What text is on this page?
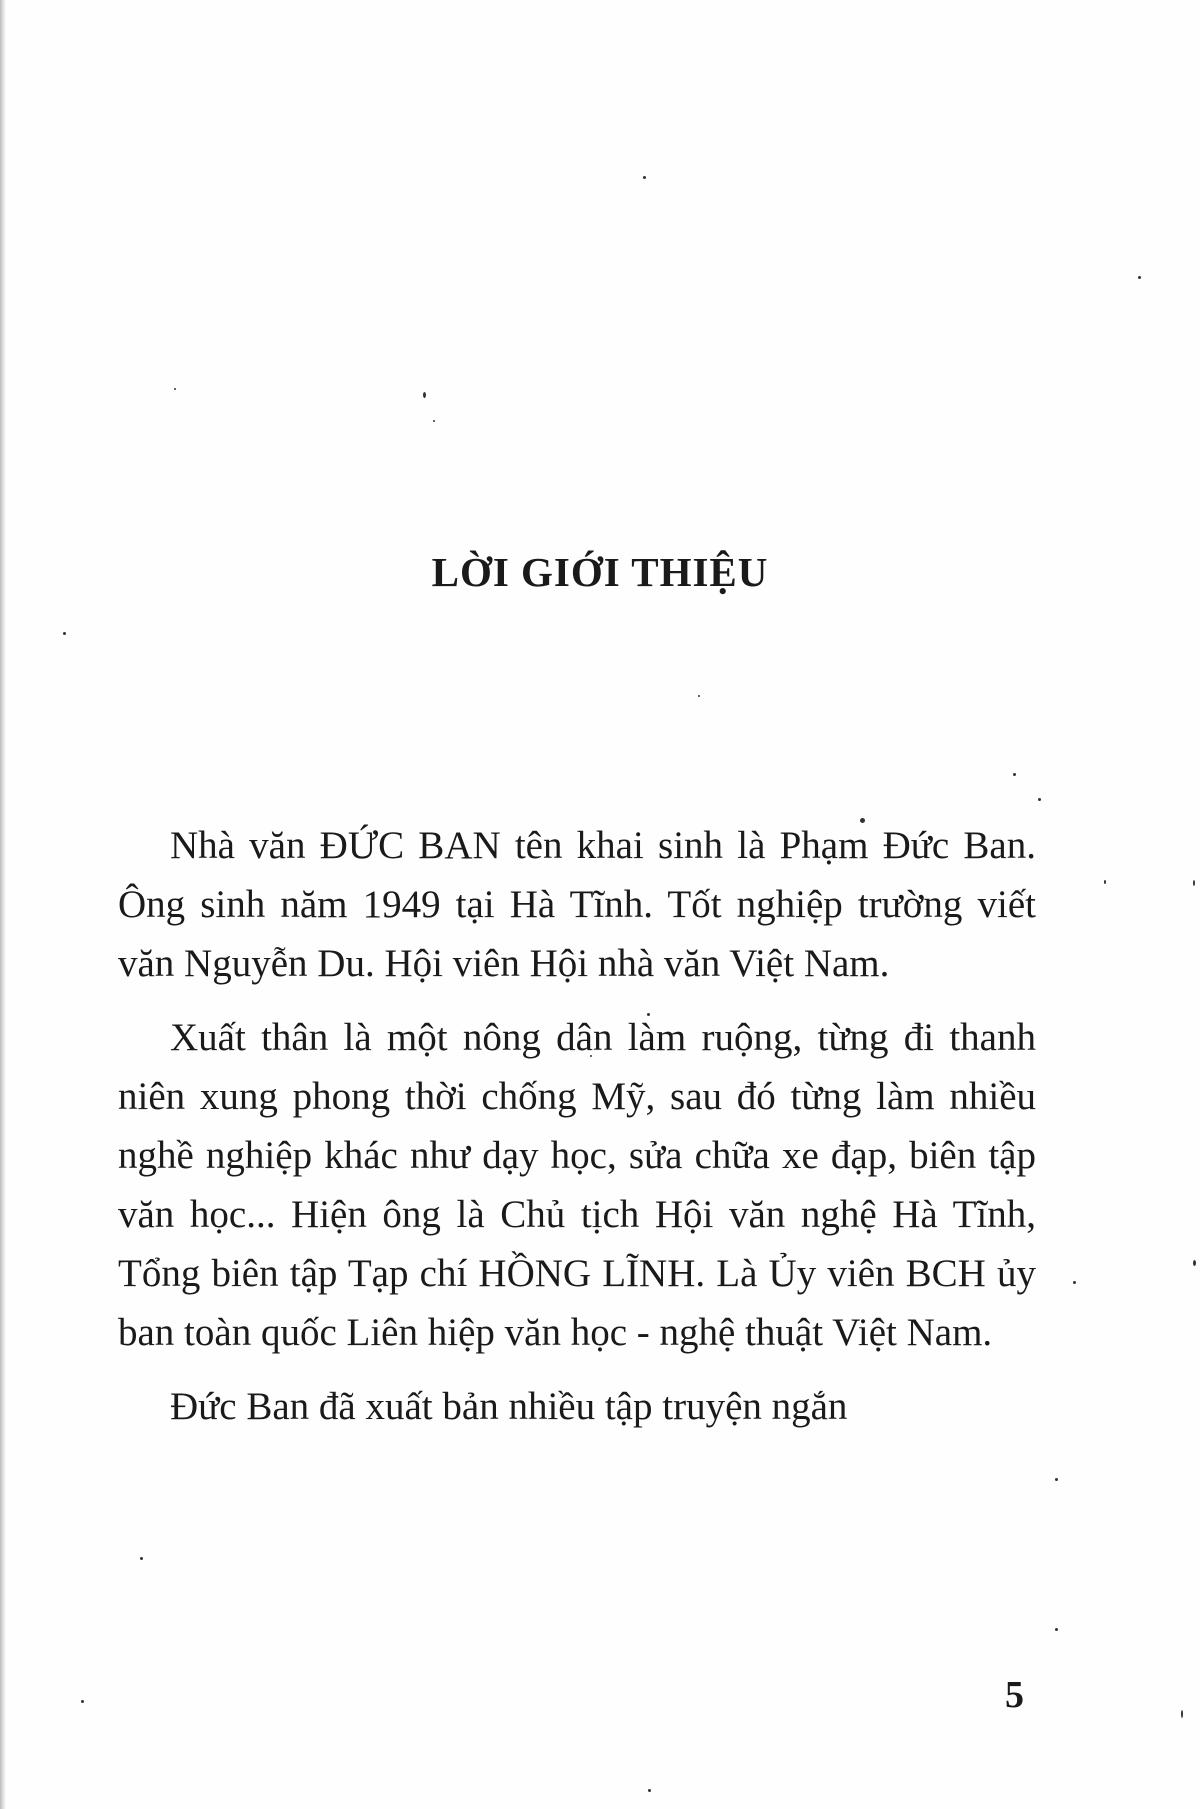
LỜI GIỚI THIỆU

Nhà văn ĐỨC BAN tên khai sinh là Phạm Đức Ban. Ông sinh năm 1949 tại Hà Tĩnh. Tốt nghiệp trường viết văn Nguyễn Du. Hội viên Hội nhà văn Việt Nam.

Xuất thân là một nông dân làm ruộng, từng đi thanh niên xung phong thời chống Mỹ, sau đó từng làm nhiều nghề nghiệp khác như dạy học, sửa chữa xe đạp, biên tập văn học... Hiện ông là Chủ tịch Hội văn nghệ Hà Tĩnh, Tổng biên tập Tạp chí HỒNG LĨNH. Là Ủy viên BCH ủy ban toàn quốc Liên hiệp văn học - nghệ thuật Việt Nam.

Đức Ban đã xuất bản nhiều tập truyện ngắn

5
